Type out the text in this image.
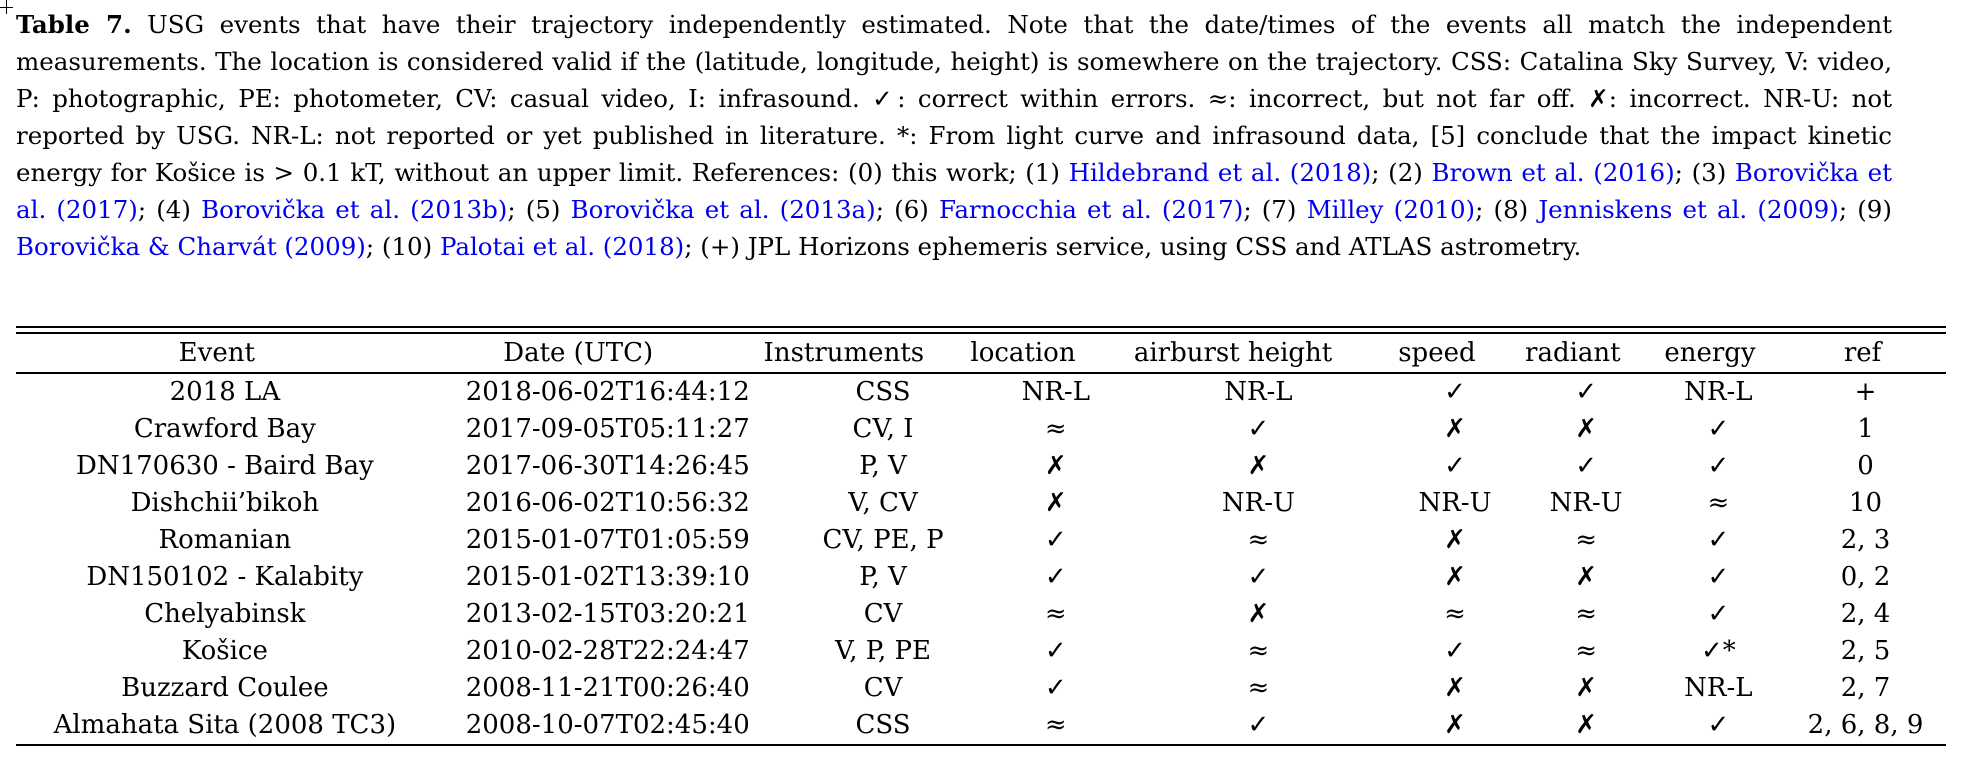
Table 7. USG events that have their trajectory independently estimated. Note that the date/times of the events all match the independent measurements. The location is considered valid if the (latitude, longitude, height) is somewhere on the trajectory. CSS: Catalina Sky Survey, V: video, P: photographic, PE: photometer, CV: casual video, I: infrasound. ✓: correct within errors. ≈: incorrect, but not far off. ✗: incorrect. NR-U: not reported by USG. NR-L: not reported or yet published in literature. *: From light curve and infrasound data, [5] conclude that the impact kinetic energy for Košice is > 0.1 kT, without an upper limit. References: (0) this work; (1) Hildebrand et al. (2018); (2) Brown et al. (2016); (3) Borovička et al. (2017); (4) Borovička et al. (2013b); (5) Borovička et al. (2013a); (6) Farnocchia et al. (2017); (7) Milley (2010); (8) Jenniskens et al. (2009); (9) Borovička & Charvát (2009); (10) Palotai et al. (2018); (+) JPL Horizons ephemeris service, using CSS and ATLAS astrometry.
Event	Date (UTC)	Instruments	location	airburst height	speed	radiant	energy	ref
2018 LA	2018-06-02T16:44:12	CSS	NR-L	NR-L	✓	✓	NR-L	+
Crawford Bay	2017-09-05T05:11:27	CV, I	≈	✓	✗	✗	✓	1
DN170630 - Baird Bay	2017-06-30T14:26:45	P, V	✗	✗	✓	✓	✓	0
Dishchii’bikoh	2016-06-02T10:56:32	V, CV	✗	NR-U	NR-U	NR-U	≈	10
Romanian	2015-01-07T01:05:59	CV, PE, P	✓	≈	✗	≈	✓	2, 3
DN150102 - Kalabity	2015-01-02T13:39:10	P, V	✓	✓	✗	✗	✓	0, 2
Chelyabinsk	2013-02-15T03:20:21	CV	≈	✗	≈	≈	✓	2, 4
Košice	2010-02-28T22:24:47	V, P, PE	✓	≈	✓	≈	✓*	2, 5
Buzzard Coulee	2008-11-21T00:26:40	CV	✓	≈	✗	✗	NR-L	2, 7
Almahata Sita (2008 TC3)	2008-10-07T02:45:40	CSS	≈	✓	✗	✗	✓	2, 6, 8, 9
